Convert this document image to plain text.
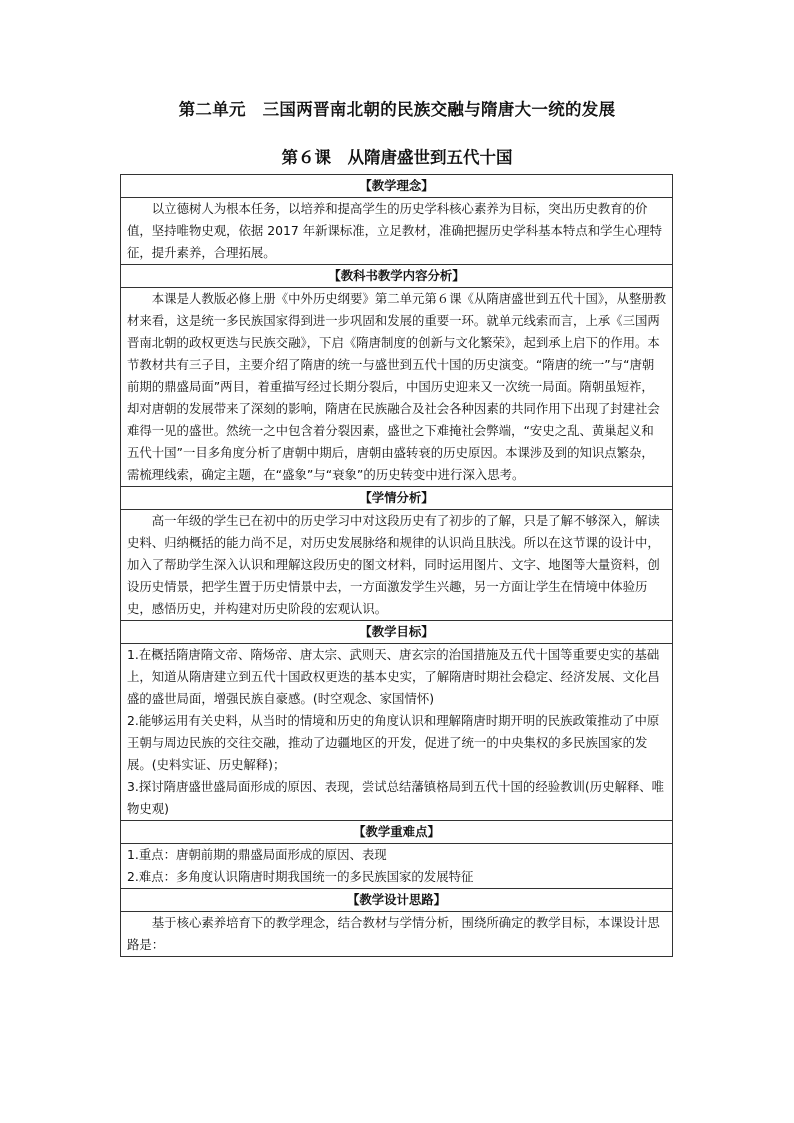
第二单元　三国两晋南北朝的民族交融与隋唐大一统的发展
第６课　从隋唐盛世到五代十国
【教学理念】

以立德树人为根本任务，以培养和提高学生的历史学科核心素养为目标，突出历史教育的价值，坚持唯物史观，依据 2017 年新课标准，立足教材，准确把握历史学科基本特点和学生心理特征，提升素养，合理拓展。

【教科书教学内容分析】

本课是人教版必修上册《中外历史纲要》第二单元第６课《从隋唐盛世到五代十国》，从整册教材来看，这是统一多民族国家得到进一步巩固和发展的重要一环。就单元线索而言，上承《三国两晋南北朝的政权更迭与民族交融》，下启《隋唐制度的创新与文化繁荣》，起到承上启下的作用。本节教材共有三子目，主要介绍了隋唐的统一与盛世到五代十国的历史演变。“隋唐的统一”与“唐朝前期的鼎盛局面”两目，着重描写经过长期分裂后，中国历史迎来又一次统一局面。隋朝虽短祚，却对唐朝的发展带来了深刻的影响，隋唐在民族融合及社会各种因素的共同作用下出现了封建社会难得一见的盛世。然统一之中包含着分裂因素，盛世之下难掩社会弊端，“安史之乱、黄巢起义和五代十国”一目多角度分析了唐朝中期后，唐朝由盛转衰的历史原因。本课涉及到的知识点繁杂，需梳理线索，确定主题，在“盛象”与“衰象”的历史转变中进行深入思考。

【学情分析】

高一年级的学生已在初中的历史学习中对这段历史有了初步的了解，只是了解不够深入，解读史料、归纳概括的能力尚不足，对历史发展脉络和规律的认识尚且肤浅。所以在这节课的设计中，加入了帮助学生深入认识和理解这段历史的图文材料，同时运用图片、文字、地图等大量资料，创设历史情景，把学生置于历史情景中去，一方面激发学生兴趣，另一方面让学生在情境中体验历史，感悟历史，并构建对历史阶段的宏观认识。

【教学目标】

1.在概括隋唐隋文帝、隋炀帝、唐太宗、武则天、唐玄宗的治国措施及五代十国等重要史实的基础上，知道从隋唐建立到五代十国政权更迭的基本史实，了解隋唐时期社会稳定、经济发展、文化昌盛的盛世局面，增强民族自豪感。(时空观念、家国情怀)

2.能够运用有关史料，从当时的情境和历史的角度认识和理解隋唐时期开明的民族政策推动了中原王朝与周边民族的交往交融，推动了边疆地区的开发，促进了统一的中央集权的多民族国家的发展。(史料实证、历史解释)；

3.探讨隋唐盛世盛局面形成的原因、表现，尝试总结藩镇格局到五代十国的经验教训(历史解释、唯物史观)

【教学重难点】

1.重点：唐朝前期的鼎盛局面形成的原因、表现

2.难点：多角度认识隋唐时期我国统一的多民族国家的发展特征

【教学设计思路】

基于核心素养培育下的教学理念，结合教材与学情分析，围绕所确定的教学目标，本课设计思路是：
